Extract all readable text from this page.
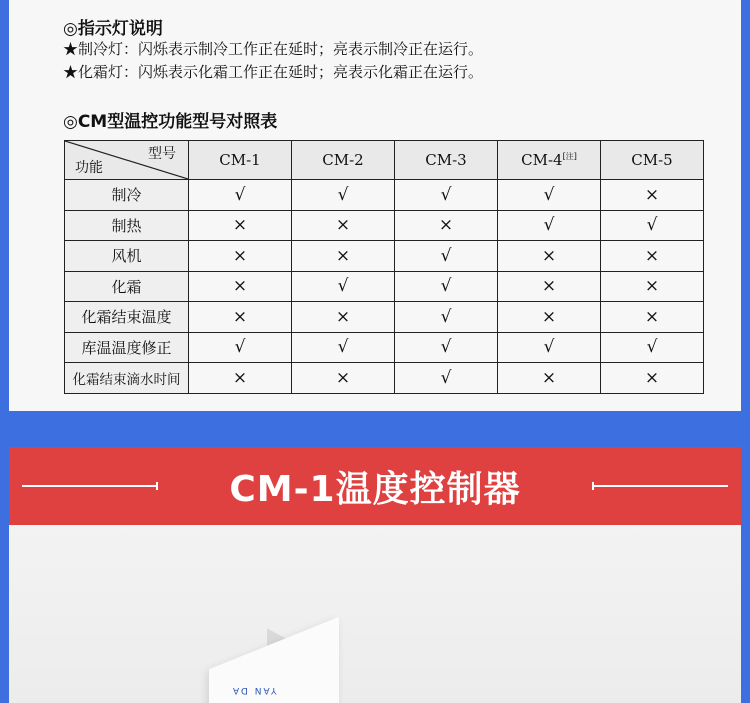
◎指示灯说明
★制冷灯：闪烁表示制冷工作正在延时；亮表示制冷正在运行。
★化霜灯：闪烁表示化霜工作正在延时；亮表示化霜正在运行。
◎CM型温控功能型号对照表
型号
功能	CM-1	CM-2	CM-3	CM-4[注]	CM-5
制冷	√	√	√	√	×
制热	×	×	×	√	√
风机	×	×	√	×	×
化霜	×	√	√	×	×
化霜结束温度	×	×	√	×	×
库温温度修正	√	√	√	√	√
化霜结束滴水时间	×	×	√	×	×
CM-1温度控制器
YAN DA
